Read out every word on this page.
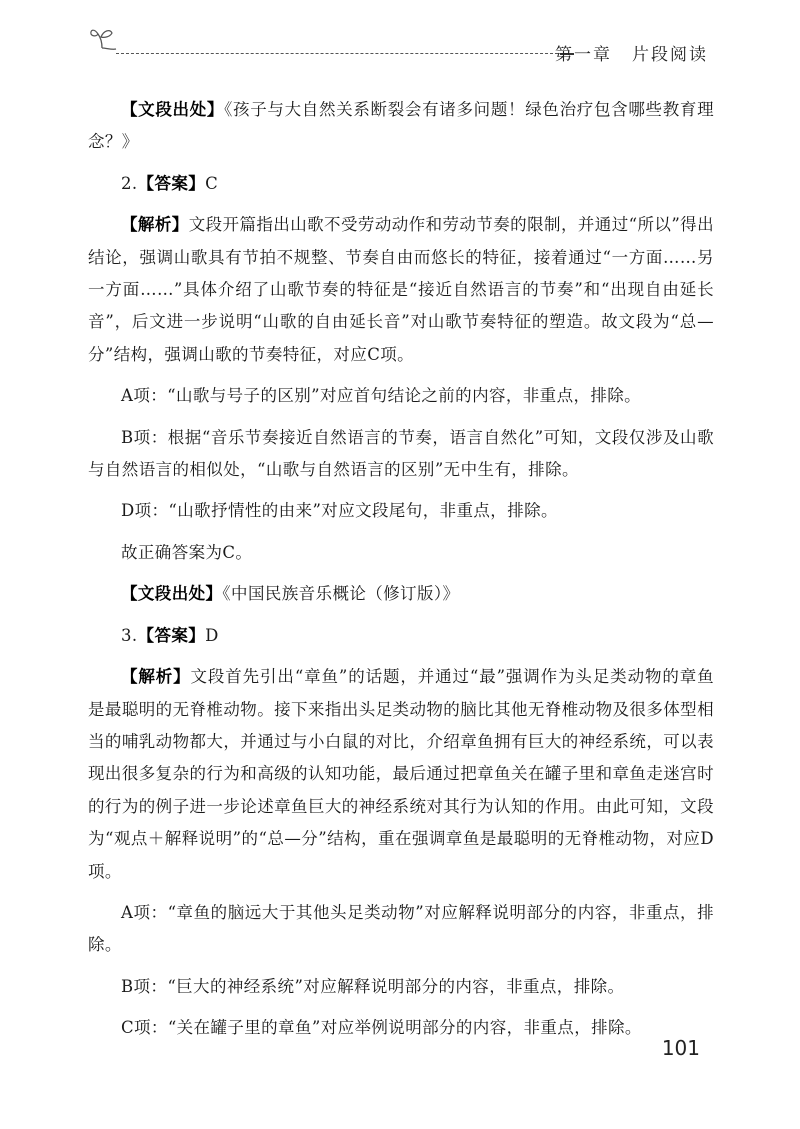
第一章 片段阅读

【文段出处】《孩子与大自然关系断裂会有诸多问题！绿色治疗包含哪些教育理念？》

2.【答案】C

【解析】文段开篇指出山歌不受劳动动作和劳动节奏的限制，并通过“所以”得出结论，强调山歌具有节拍不规整、节奏自由而悠长的特征，接着通过“一方面……另一方面……”具体介绍了山歌节奏的特征是“接近自然语言的节奏”和“出现自由延长音”，后文进一步说明“山歌的自由延长音”对山歌节奏特征的塑造。故文段为“总—分”结构，强调山歌的节奏特征，对应C项。

A项：“山歌与号子的区别”对应首句结论之前的内容，非重点，排除。

B项：根据“音乐节奏接近自然语言的节奏，语言自然化”可知，文段仅涉及山歌与自然语言的相似处，“山歌与自然语言的区别”无中生有，排除。

D项：“山歌抒情性的由来”对应文段尾句，非重点，排除。

故正确答案为C。

【文段出处】《中国民族音乐概论（修订版）》

3.【答案】D

【解析】文段首先引出“章鱼”的话题，并通过“最”强调作为头足类动物的章鱼是最聪明的无脊椎动物。接下来指出头足类动物的脑比其他无脊椎动物及很多体型相当的哺乳动物都大，并通过与小白鼠的对比，介绍章鱼拥有巨大的神经系统，可以表现出很多复杂的行为和高级的认知功能，最后通过把章鱼关在罐子里和章鱼走迷宫时的行为的例子进一步论述章鱼巨大的神经系统对其行为认知的作用。由此可知，文段为“观点＋解释说明”的“总—分”结构，重在强调章鱼是最聪明的无脊椎动物，对应D项。

A项：“章鱼的脑远大于其他头足类动物”对应解释说明部分的内容，非重点，排除。

B项：“巨大的神经系统”对应解释说明部分的内容，非重点，排除。

C项：“关在罐子里的章鱼”对应举例说明部分的内容，非重点，排除。

101
